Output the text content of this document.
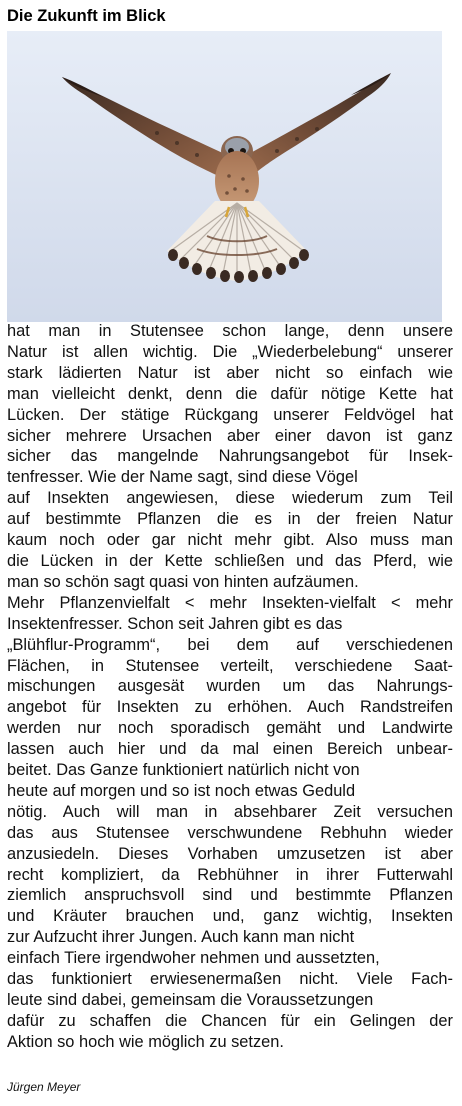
Die Zukunft im Blick
hat man in Stutensee schon lange, denn unsere
Natur ist allen wichtig. Die „Wiederbelebung“ unserer
stark lädierten Natur ist aber nicht so einfach wie
man vielleicht denkt, denn die dafür nötige Kette hat
Lücken. Der stätige Rückgang unserer Feldvögel hat
sicher mehrere Ursachen aber einer davon ist ganz
sicher das mangelnde Nahrungsangebot für Insek-
tenfresser. Wie der Name sagt, sind diese Vögel
auf Insekten angewiesen, diese wiederum zum Teil
auf bestimmte Pflanzen die es in der freien Natur
kaum noch oder gar nicht mehr gibt. Also muss man
die Lücken in der Kette schließen und das Pferd, wie
man so schön sagt quasi von hinten aufzäumen.
Mehr Pflanzenvielfalt < mehr Insekten-vielfalt < mehr
Insektenfresser. Schon seit Jahren gibt es das
„Blühflur-Programm“, bei dem auf verschiedenen
Flächen, in Stutensee verteilt, verschiedene Saat-
mischungen ausgesät wurden um das Nahrungs-
angebot für Insekten zu erhöhen. Auch Randstreifen
werden nur noch sporadisch gemäht und Landwirte
lassen auch hier und da mal einen Bereich unbear-
beitet. Das Ganze funktioniert natürlich nicht von
heute auf morgen und so ist noch etwas Geduld
nötig. Auch will man in absehbarer Zeit versuchen
das aus Stutensee verschwundene Rebhuhn wieder
anzusiedeln. Dieses Vorhaben umzusetzen ist aber
recht kompliziert, da Rebhühner in ihrer Futterwahl
ziemlich anspruchsvoll sind und bestimmte Pflanzen
und Kräuter brauchen und, ganz wichtig, Insekten
zur Aufzucht ihrer Jungen. Auch kann man nicht
einfach Tiere irgendwoher nehmen und aussetzten,
das funktioniert erwiesenermaßen nicht. Viele Fach-
leute sind dabei, gemeinsam die Voraussetzungen
dafür zu schaffen die Chancen für ein Gelingen der
Aktion so hoch wie möglich zu setzen.
Jürgen Meyer
